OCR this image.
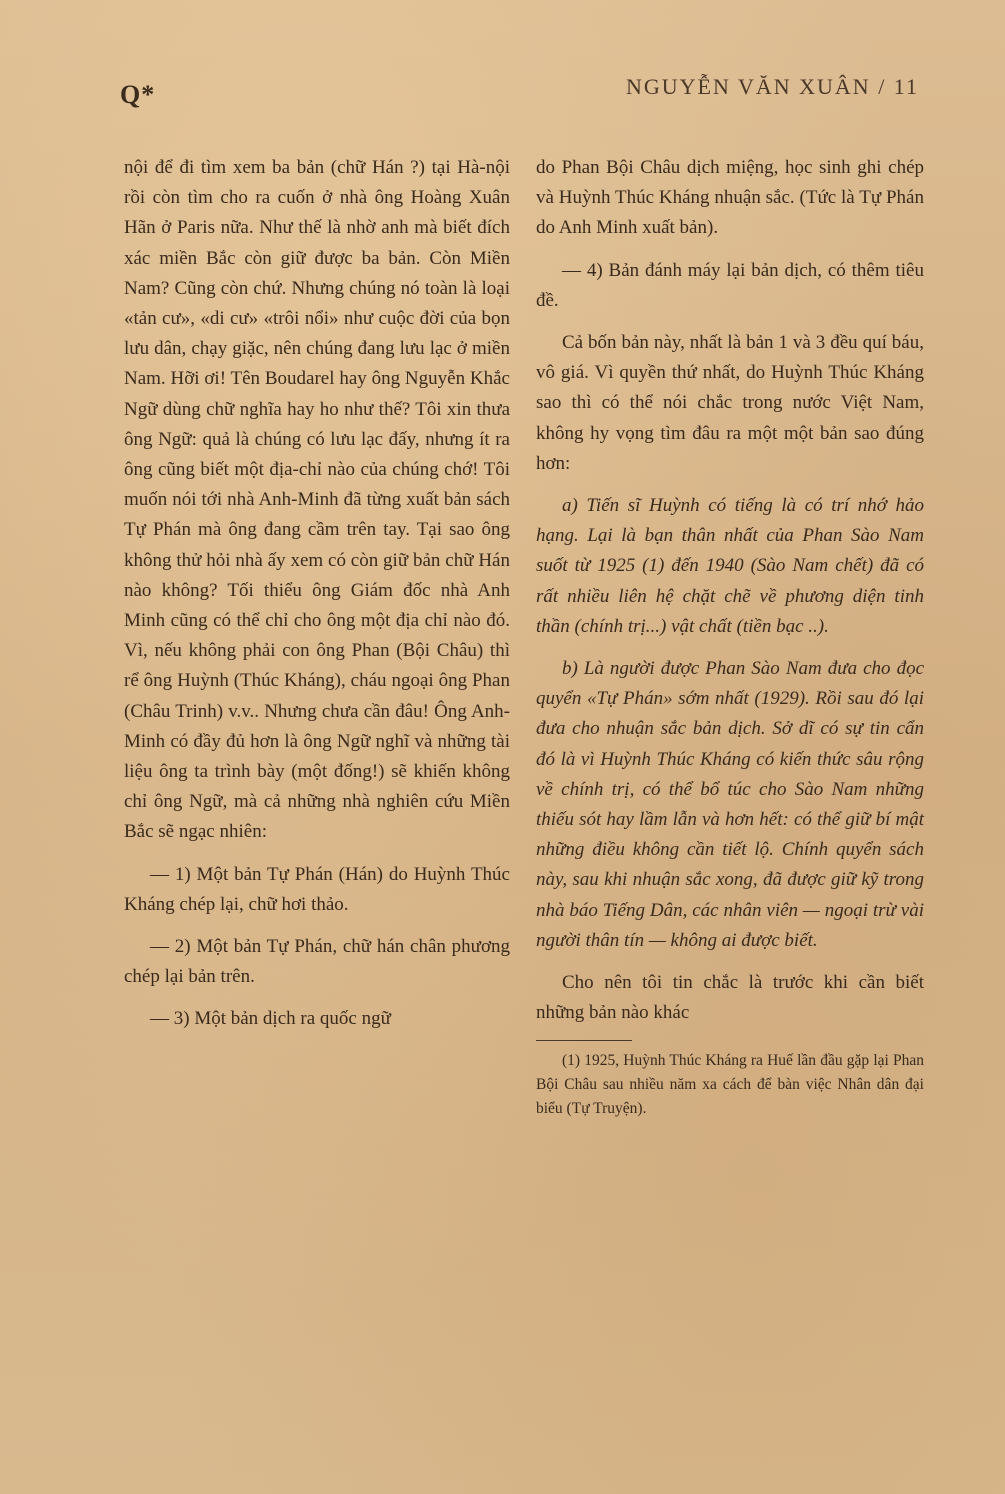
Q*	NGUYỄN VĂN XUÂN / 11

nội để đi tìm xem ba bản (chữ Hán ?) tại Hà-nội rồi còn tìm cho ra cuốn ở nhà ông Hoàng Xuân Hãn ở Paris nữa. Như thế là nhờ anh mà biết đích xác miền Bắc còn giữ được ba bản. Còn Miền Nam? Cũng còn chứ. Nhưng chúng nó toàn là loại «tản cư», «di cư» «trôi nổi» như cuộc đời của bọn lưu dân, chạy giặc, nên chúng đang lưu lạc ở miền Nam. Hỡi ơi! Tên Boudarel hay ông Nguyễn Khắc Ngữ dùng chữ nghĩa hay ho như thế? Tôi xin thưa ông Ngữ: quả là chúng có lưu lạc đấy, nhưng ít ra ông cũng biết một địa-chỉ nào của chúng chớ! Tôi muốn nói tới nhà Anh-Minh đã từng xuất bản sách Tự Phán mà ông đang cầm trên tay. Tại sao ông không thử hỏi nhà ấy xem có còn giữ bản chữ Hán nào không? Tối thiểu ông Giám đốc nhà Anh Minh cũng có thể chỉ cho ông một địa chỉ nào đó. Vì, nếu không phải con ông Phan (Bội Châu) thì rể ông Huỳnh (Thúc Kháng), cháu ngoại ông Phan (Châu Trinh) v.v.. Nhưng chưa cần đâu! Ông Anh-Minh có đầy đủ hơn là ông Ngữ nghĩ và những tài liệu ông ta trình bày (một đống!) sẽ khiến không chỉ ông Ngữ, mà cả những nhà nghiên cứu Miền Bắc sẽ ngạc nhiên:

— 1) Một bản Tự Phán (Hán) do Huỳnh Thúc Kháng chép lại, chữ hơi thảo.

— 2) Một bản Tự Phán, chữ hán chân phương chép lại bản trên.

— 3) Một bản dịch ra quốc ngữ

do Phan Bội Châu dịch miệng, học sinh ghi chép và Huỳnh Thúc Kháng nhuận sắc. (Tức là Tự Phán do Anh Minh xuất bản).

— 4) Bản đánh máy lại bản dịch, có thêm tiêu đề.

Cả bốn bản này, nhất là bản 1 và 3 đều quí báu, vô giá. Vì quyền thứ nhất, do Huỳnh Thúc Kháng sao thì có thể nói chắc trong nước Việt Nam, không hy vọng tìm đâu ra một một bản sao đúng hơn:

a) Tiến sĩ Huỳnh có tiếng là có trí nhớ hảo hạng. Lại là bạn thân nhất của Phan Sào Nam suốt từ 1925 (1) đến 1940 (Sào Nam chết) đã có rất nhiều liên hệ chặt chẽ về phương diện tinh thần (chính trị...) vật chất (tiền bạc ..).

b) Là người được Phan Sào Nam đưa cho đọc quyển «Tự Phán» sớm nhất (1929). Rồi sau đó lại đưa cho nhuận sắc bản dịch. Sở dĩ có sự tin cẩn đó là vì Huỳnh Thúc Kháng có kiến thức sâu rộng về chính trị, có thể bổ túc cho Sào Nam những thiếu sót hay lầm lẫn và hơn hết: có thể giữ bí mật những điều không cần tiết lộ. Chính quyển sách này, sau khi nhuận sắc xong, đã được giữ kỹ trong nhà báo Tiếng Dân, các nhân viên — ngoại trừ vài người thân tín — không ai được biết.

Cho nên tôi tin chắc là trước khi cần biết những bản nào khác

(1) 1925, Huỳnh Thúc Kháng ra Huế lần đầu gặp lại Phan Bội Châu sau nhiều năm xa cách để bàn việc Nhân dân đại biểu (Tự Truyện).
